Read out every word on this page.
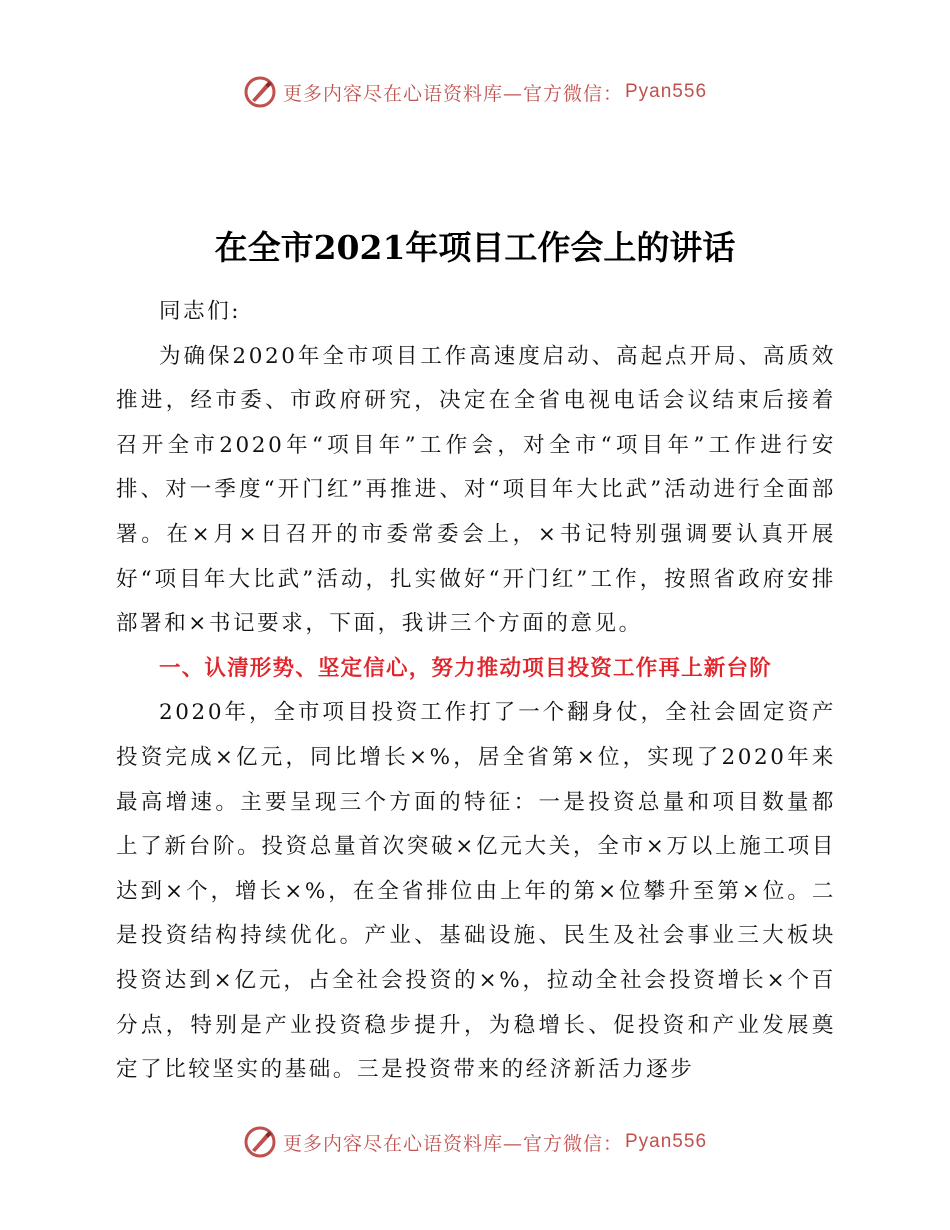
更多内容尽在心语资料库—官方微信： Pyan556
在全市2021年项目工作会上的讲话

同志们:

为确保2020年全市项目工作高速度启动、高起点开局、高质效推进，经市委、市政府研究，决定在全省电视电话会议结束后接着召开全市2020年“项目年”工作会，对全市“项目年”工作进行安排、对一季度“开门红”再推进、对“项目年大比武”活动进行全面部署。在×月×日召开的市委常委会上，×书记特别强调要认真开展好“项目年大比武”活动，扎实做好“开门红”工作，按照省政府安排部署和×书记要求，下面，我讲三个方面的意见。

一、认清形势、坚定信心，努力推动项目投资工作再上新台阶

2020年，全市项目投资工作打了一个翻身仗，全社会固定资产投资完成×亿元，同比增长×%，居全省第×位，实现了2020年来最高增速。主要呈现三个方面的特征：一是投资总量和项目数量都上了新台阶。投资总量首次突破×亿元大关，全市×万以上施工项目达到×个，增长×%，在全省排位由上年的第×位攀升至第×位。二是投资结构持续优化。产业、基础设施、民生及社会事业三大板块投资达到×亿元，占全社会投资的×%，拉动全社会投资增长×个百分点，特别是产业投资稳步提升，为稳增长、促投资和产业发展奠定了比较坚实的基础。三是投资带来的经济新活力逐步

更多内容尽在心语资料库—官方微信： Pyan556
